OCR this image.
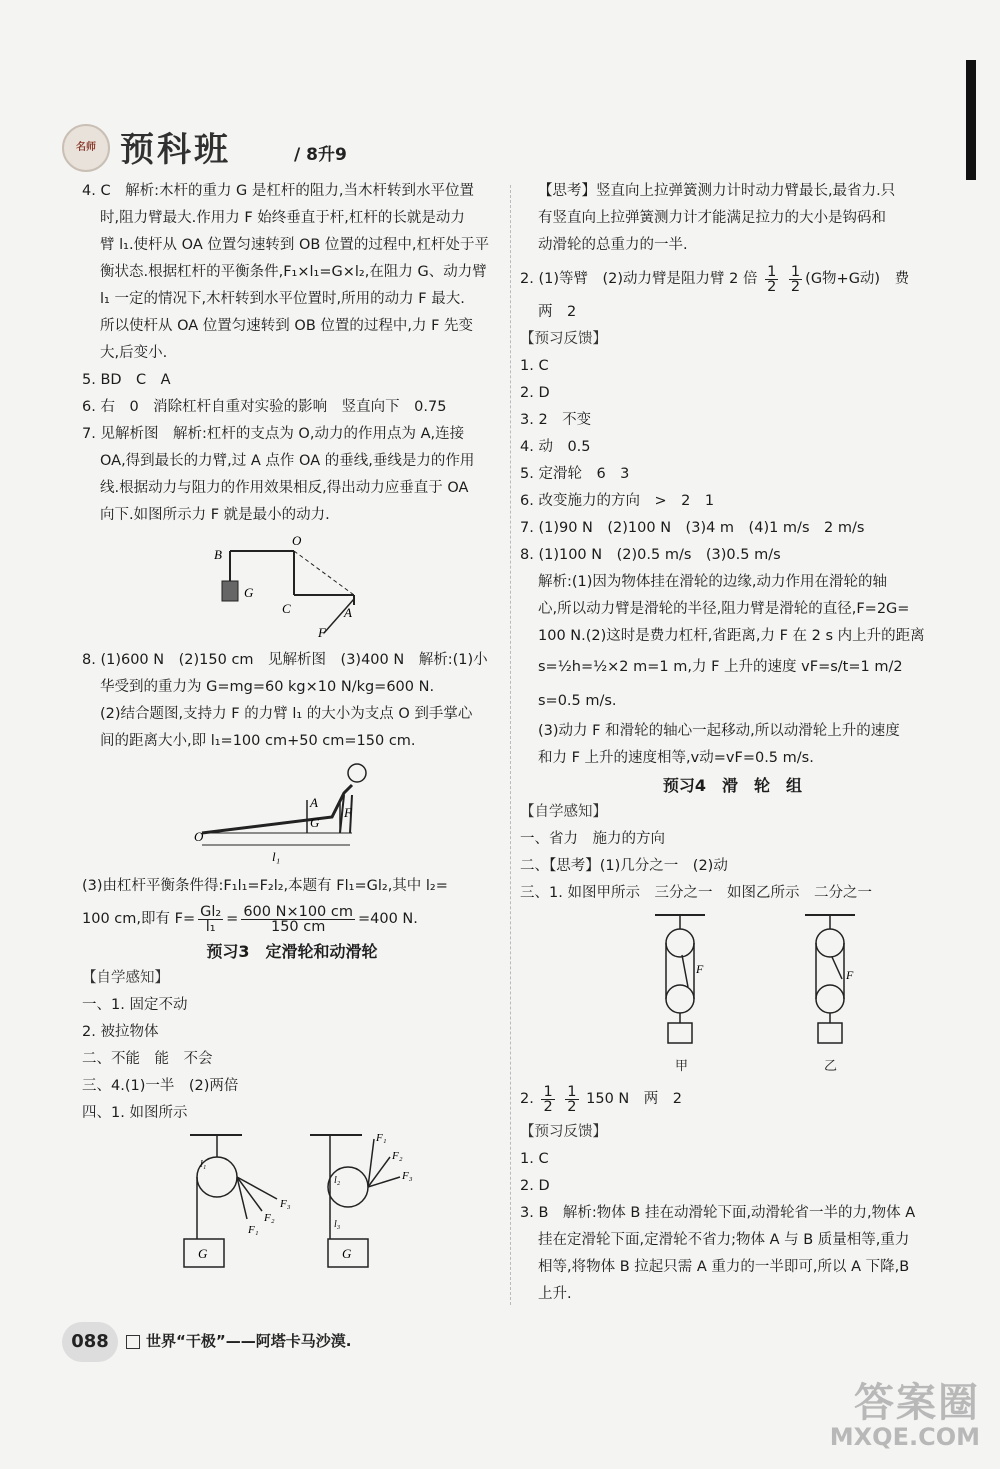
名师 预科班	/ 8升9

4. C　解析:木杆的重力 G 是杠杆的阻力,当木杆转到水平位置

时,阻力臂最大.作用力 F 始终垂直于杆,杠杆的长就是动力

臂 l₁.使杆从 OA 位置匀速转到 OB 位置的过程中,杠杆处于平

衡状态.根据杠杆的平衡条件,F₁×l₁=G×l₂,在阻力 G、动力臂

l₁ 一定的情况下,木杆转到水平位置时,所用的动力 F 最大.

所以使杆从 OA 位置匀速转到 OB 位置的过程中,力 F 先变

大,后变小.

5. BD　C　A

6. 右　0　消除杠杆自重对实验的影响　竖直向下　0.75

7. 见解析图　解析:杠杆的支点为 O,动力的作用点为 A,连接

OA,得到最长的力臂,过 A 点作 OA 的垂线,垂线是力的作用

线.根据动力与阻力的作用效果相反,得出动力应垂直于 OA

向下.如图所示力 F 就是最小的动力.

B
O
G
C	A
F

8. (1)600 N　(2)150 cm　见解析图　(3)400 N　解析:(1)小

华受到的重力为 G=mg=60 kg×10 N/kg=600 N.

(2)结合题图,支持力 F 的力臂 l₁ 的大小为支点 O 到手掌心

间的距离大小,即 l₁=100 cm+50 cm=150 cm.

A
G
F
O
l₁

(3)由杠杆平衡条件得:F₁l₁=F₂l₂,本题有 Fl₁=Gl₂,其中 l₂=

100 cm,即有 $F= \frac{\text{Gl₂}}{\text{l₁}} = \frac{600 N\times 100 cm}{150 cm} =400$ N.

预习3　定滑轮和动滑轮

【自学感知】

一、1. 固定不动

2. 被拉物体

二、不能　能　不会

三、4.(1)一半　(2)两倍

四、1. 如图所示

G
F₁
F₂
F₃
G
F₁
F₂
F₃
l₂
l₃
l₁

【思考】竖直向上拉弹簧测力计时动力臂最长,最省力.只

有竖直向上拉弹簧测力计才能满足拉力的大小是钩码和

动滑轮的总重力的一半.

2. (1)等臂　(2)动力臂是阻力臂 2 倍 $\frac{1}{2}$
$\frac{1}{2} (G$物+G动)　费

两　2

【预习反馈】

1. C

2. D

3. 2　不变

4. 动　0.5

5. 定滑轮　6　3

6. 改变施力的方向　>　2　1

7. (1)90 N　(2)100 N　(3)4 m　(4)1 m/s　2 m/s

8. (1)100 N　(2)0.5 m/s　(3)0.5 m/s

解析:(1)因为物体挂在滑轮的边缘,动力作用在滑轮的轴

心,所以动力臂是滑轮的半径,阻力臂是滑轮的直径,F=2G=

100 N.(2)这时是费力杠杆,省距离,力 F 在 2 s 内上升的距离

s=½h=½×2 m=1 m,力 F 上升的速度 vF=s/t=1 m/2 s=0.5 m/s.

(3)动力 F 和滑轮的轴心一起移动,所以动滑轮上升的速度

和力 F 上升的速度相等,v动=vF=0.5 m/s.

预习4　滑　轮　组

【自学感知】

一、省力　施力的方向

二、【思考】(1)几分之一　(2)动

三、1. 如图甲所示　三分之一　如图乙所示　二分之一

F	F
甲	乙

2. $\frac{1}{2}$
$\frac{1}{2} 150$ N　两　2

【预习反馈】

1. C

2. D

3. B　解析:物体 B 挂在动滑轮下面,动滑轮省一半的力,物体 A

挂在定滑轮下面,定滑轮不省力;物体 A 与 B 质量相等,重力

相等,将物体 B 拉起只需 A 重力的一半即可,所以 A 下降,B

上升.

088	世界“干极”——阿塔卡马沙漠.
答案圈
MXQE.COM
